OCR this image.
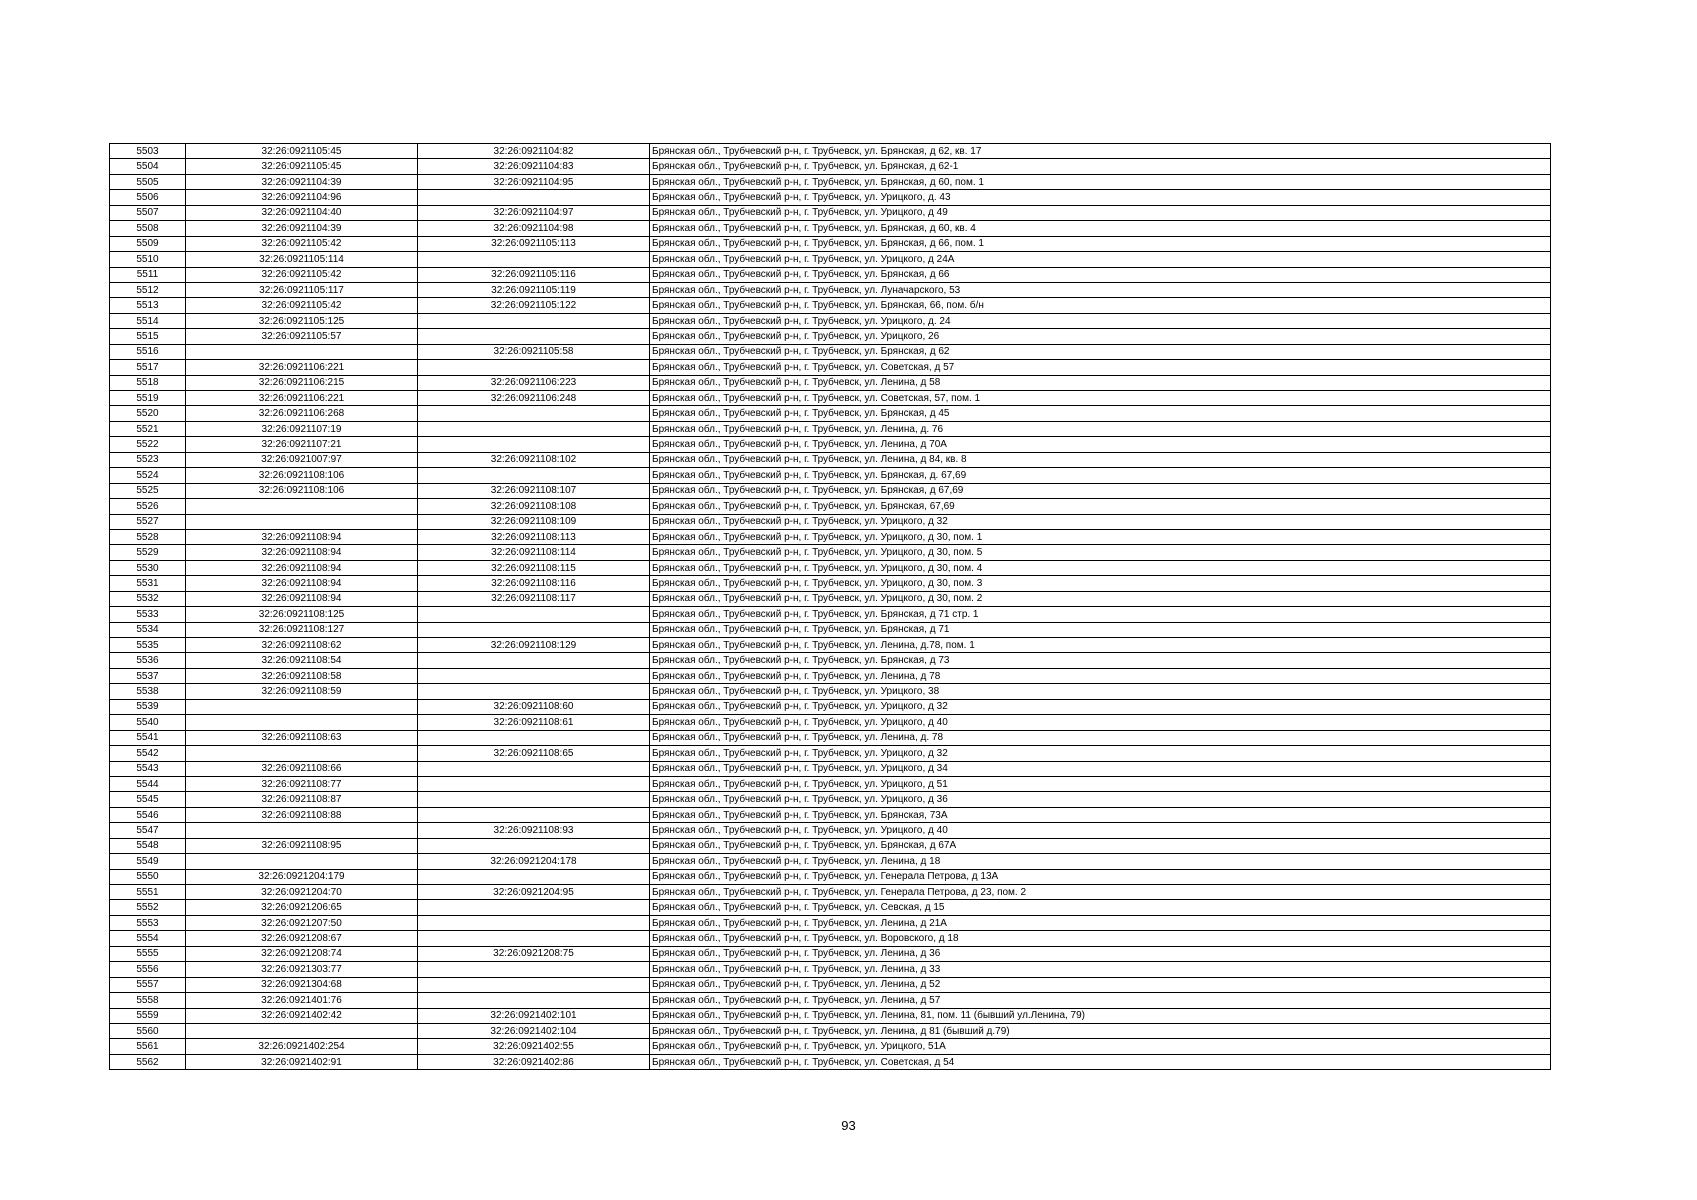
5503	32:26:0921105:45	32:26:0921104:82	Брянская обл., Трубчевский р-н, г. Трубчевск, ул. Брянская, д 62, кв. 17
5504	32:26:0921105:45	32:26:0921104:83	Брянская обл., Трубчевский р-н, г. Трубчевск, ул. Брянская, д 62-1
5505	32:26:0921104:39	32:26:0921104:95	Брянская обл., Трубчевский р-н, г. Трубчевск, ул. Брянская, д 60, пом. 1
5506	32:26:0921104:96		Брянская обл., Трубчевский р-н, г. Трубчевск, ул. Урицкого, д. 43
5507	32:26:0921104:40	32:26:0921104:97	Брянская обл., Трубчевский р-н, г. Трубчевск, ул. Урицкого, д 49
5508	32:26:0921104:39	32:26:0921104:98	Брянская обл., Трубчевский р-н, г. Трубчевск, ул. Брянская, д 60, кв. 4
5509	32:26:0921105:42	32:26:0921105:113	Брянская обл., Трубчевский р-н, г. Трубчевск, ул. Брянская, д 66, пом. 1
5510	32:26:0921105:114		Брянская обл., Трубчевский р-н, г. Трубчевск, ул. Урицкого, д 24А
5511	32:26:0921105:42	32:26:0921105:116	Брянская обл., Трубчевский р-н, г. Трубчевск, ул. Брянская, д 66
5512	32:26:0921105:117	32:26:0921105:119	Брянская обл., Трубчевский р-н, г. Трубчевск, ул. Луначарского, 53
5513	32:26:0921105:42	32:26:0921105:122	Брянская обл., Трубчевский р-н, г. Трубчевск, ул. Брянская, 66, пом. б/н
5514	32:26:0921105:125		Брянская обл., Трубчевский р-н, г. Трубчевск, ул. Урицкого, д. 24
5515	32:26:0921105:57		Брянская обл., Трубчевский р-н, г. Трубчевск, ул. Урицкого, 26
5516		32:26:0921105:58	Брянская обл., Трубчевский р-н, г. Трубчевск, ул. Брянская, д 62
5517	32:26:0921106:221		Брянская обл., Трубчевский р-н, г. Трубчевск, ул. Советская, д 57
5518	32:26:0921106:215	32:26:0921106:223	Брянская обл., Трубчевский р-н, г. Трубчевск, ул. Ленина, д 58
5519	32:26:0921106:221	32:26:0921106:248	Брянская обл., Трубчевский р-н, г. Трубчевск, ул. Советская, 57, пом. 1
5520	32:26:0921106:268		Брянская обл., Трубчевский р-н, г. Трубчевск, ул. Брянская, д 45
5521	32:26:0921107:19		Брянская обл., Трубчевский р-н, г. Трубчевск, ул. Ленина, д. 76
5522	32:26:0921107:21		Брянская обл., Трубчевский р-н, г. Трубчевск, ул. Ленина, д 70А
5523	32:26:0921007:97	32:26:0921108:102	Брянская обл., Трубчевский р-н, г. Трубчевск, ул. Ленина, д 84, кв. 8
5524	32:26:0921108:106		Брянская обл., Трубчевский р-н, г. Трубчевск, ул. Брянская, д. 67,69
5525	32:26:0921108:106	32:26:0921108:107	Брянская обл., Трубчевский р-н, г. Трубчевск, ул. Брянская, д 67,69
5526		32:26:0921108:108	Брянская обл., Трубчевский р-н, г. Трубчевск, ул. Брянская, 67,69
5527		32:26:0921108:109	Брянская обл., Трубчевский р-н, г. Трубчевск, ул. Урицкого, д 32
5528	32:26:0921108:94	32:26:0921108:113	Брянская обл., Трубчевский р-н, г. Трубчевск, ул. Урицкого, д 30, пом. 1
5529	32:26:0921108:94	32:26:0921108:114	Брянская обл., Трубчевский р-н, г. Трубчевск, ул. Урицкого, д 30, пом. 5
5530	32:26:0921108:94	32:26:0921108:115	Брянская обл., Трубчевский р-н, г. Трубчевск, ул. Урицкого, д 30, пом. 4
5531	32:26:0921108:94	32:26:0921108:116	Брянская обл., Трубчевский р-н, г. Трубчевск, ул. Урицкого, д 30, пом. 3
5532	32:26:0921108:94	32:26:0921108:117	Брянская обл., Трубчевский р-н, г. Трубчевск, ул. Урицкого, д 30, пом. 2
5533	32:26:0921108:125		Брянская обл., Трубчевский р-н, г. Трубчевск, ул. Брянская, д 71 стр. 1
5534	32:26:0921108:127		Брянская обл., Трубчевский р-н, г. Трубчевск, ул. Брянская, д 71
5535	32:26:0921108:62	32:26:0921108:129	Брянская обл., Трубчевский р-н, г. Трубчевск, ул. Ленина, д.78, пом. 1
5536	32:26:0921108:54		Брянская обл., Трубчевский р-н, г. Трубчевск, ул. Брянская, д 73
5537	32:26:0921108:58		Брянская обл., Трубчевский р-н, г. Трубчевск, ул. Ленина, д 78
5538	32:26:0921108:59		Брянская обл., Трубчевский р-н, г. Трубчевск, ул. Урицкого, 38
5539		32:26:0921108:60	Брянская обл., Трубчевский р-н, г. Трубчевск, ул. Урицкого, д 32
5540		32:26:0921108:61	Брянская обл., Трубчевский р-н, г. Трубчевск, ул. Урицкого, д 40
5541	32:26:0921108:63		Брянская обл., Трубчевский р-н, г. Трубчевск, ул. Ленина, д. 78
5542		32:26:0921108:65	Брянская обл., Трубчевский р-н, г. Трубчевск, ул. Урицкого, д 32
5543	32:26:0921108:66		Брянская обл., Трубчевский р-н, г. Трубчевск, ул. Урицкого, д 34
5544	32:26:0921108:77		Брянская обл., Трубчевский р-н, г. Трубчевск, ул. Урицкого, д 51
5545	32:26:0921108:87		Брянская обл., Трубчевский р-н, г. Трубчевск, ул. Урицкого, д 36
5546	32:26:0921108:88		Брянская обл., Трубчевский р-н, г. Трубчевск, ул. Брянская, 73А
5547		32:26:0921108:93	Брянская обл., Трубчевский р-н, г. Трубчевск, ул. Урицкого, д 40
5548	32:26:0921108:95		Брянская обл., Трубчевский р-н, г. Трубчевск, ул. Брянская, д 67А
5549		32:26:0921204:178	Брянская обл., Трубчевский р-н, г. Трубчевск, ул. Ленина, д 18
5550	32:26:0921204:179		Брянская обл., Трубчевский р-н, г. Трубчевск, ул. Генерала Петрова, д 13А
5551	32:26:0921204:70	32:26:0921204:95	Брянская обл., Трубчевский р-н, г. Трубчевск, ул. Генерала Петрова, д 23, пом. 2
5552	32:26:0921206:65		Брянская обл., Трубчевский р-н, г. Трубчевск, ул. Севская, д 15
5553	32:26:0921207:50		Брянская обл., Трубчевский р-н, г. Трубчевск, ул. Ленина, д 21А
5554	32:26:0921208:67		Брянская обл., Трубчевский р-н, г. Трубчевск, ул. Воровского, д 18
5555	32:26:0921208:74	32:26:0921208:75	Брянская обл., Трубчевский р-н, г. Трубчевск, ул. Ленина, д 36
5556	32:26:0921303:77		Брянская обл., Трубчевский р-н, г. Трубчевск, ул. Ленина, д 33
5557	32:26:0921304:68		Брянская обл., Трубчевский р-н, г. Трубчевск, ул. Ленина, д 52
5558	32:26:0921401:76		Брянская обл., Трубчевский р-н, г. Трубчевск, ул. Ленина, д 57
5559	32:26:0921402:42	32:26:0921402:101	Брянская обл., Трубчевский р-н, г. Трубчевск, ул. Ленина, 81, пом. 11 (бывший ул.Ленина, 79)
5560		32:26:0921402:104	Брянская обл., Трубчевский р-н, г. Трубчевск, ул. Ленина, д 81 (бывший д.79)
5561	32:26:0921402:254	32:26:0921402:55	Брянская обл., Трубчевский р-н, г. Трубчевск, ул. Урицкого, 51А
5562	32:26:0921402:91	32:26:0921402:86	Брянская обл., Трубчевский р-н, г. Трубчевск, ул. Советская, д 54
93
